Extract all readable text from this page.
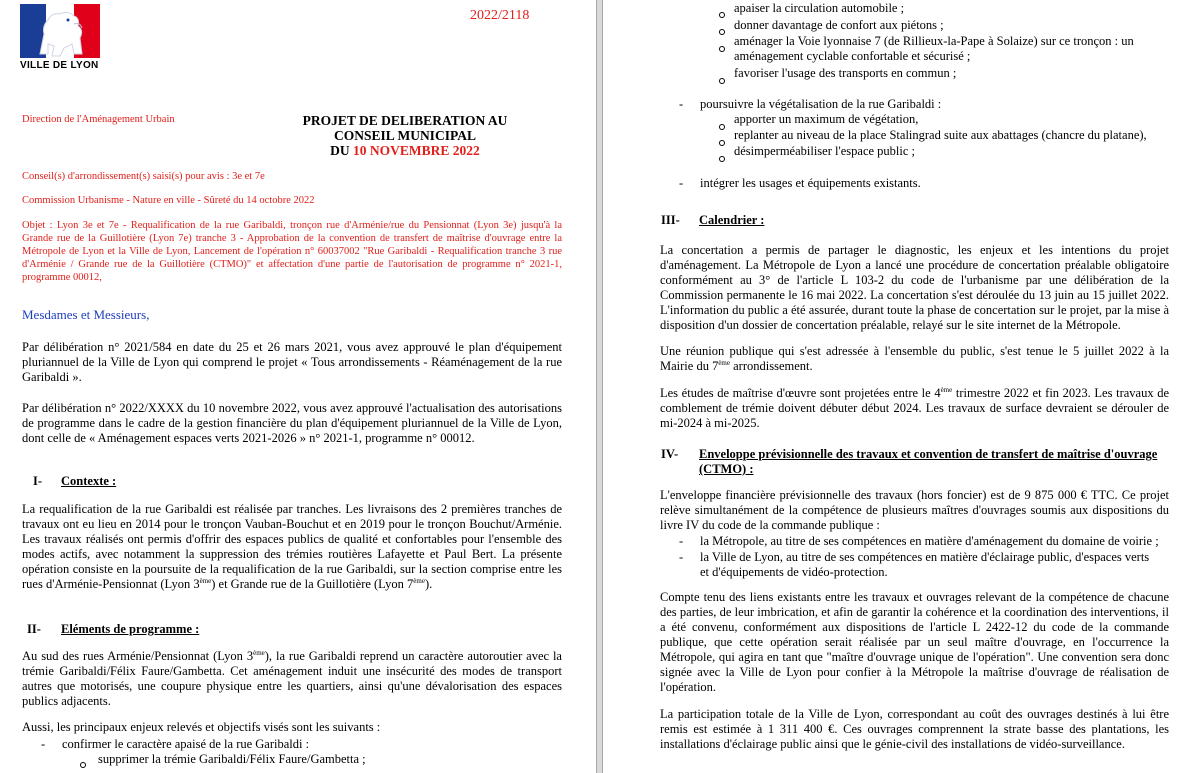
VILLE DE LYON
2022/2118
Direction de l'Aménagement Urbain	PROJET DE DELIBERATION AU
CONSEIL MUNICIPAL
DU 10 NOVEMBRE 2022
Conseil(s) d'arrondissement(s) saisi(s) pour avis : 3e et 7e
Commission Urbanisme - Nature en ville - Sûreté du 14 octobre 2022
Objet : Lyon 3e et 7e - Requalification de la rue Garibaldi, tronçon rue d'Arménie/rue du Pensionnat (Lyon 3e) jusqu'à la Grande rue de la Guillotière (Lyon 7e) tranche 3 - Approbation de la convention de transfert de maîtrise d'ouvrage entre la Métropole de Lyon et la Ville de Lyon, Lancement de l'opération n° 60037002 "Rue Garibaldi - Requalification tranche 3 rue d'Arménie / Grande rue de la Guillotière (CTMO)" et affectation d'une partie de l'autorisation de programme n° 2021-1, programme 00012,
Mesdames et Messieurs,
Par délibération n° 2021/584 en date du 25 et 26 mars 2021, vous avez approuvé le plan d'équipement pluriannuel de la Ville de Lyon qui comprend le projet « Tous arrondissements - Réaménagement de la rue Garibaldi ».
Par délibération n° 2022/XXXX du 10 novembre 2022, vous avez approuvé l'actualisation des autorisations de programme dans le cadre de la gestion financière du plan d'équipement pluriannuel de la Ville de Lyon, dont celle de « Aménagement espaces verts 2021-2026 » n° 2021-1, programme n° 00012.
I- Contexte :
La requalification de la rue Garibaldi est réalisée par tranches. Les livraisons des 2 premières tranches de travaux ont eu lieu en 2014 pour le tronçon Vauban-Bouchut et en 2019 pour le tronçon Bouchut/Arménie. Les travaux réalisés ont permis d'offrir des espaces publics de qualité et confortables pour l'ensemble des modes actifs, avec notamment la suppression des trémies routières Lafayette et Paul Bert. La présente opération consiste en la poursuite de la requalification de la rue Garibaldi, sur la section comprise entre les rues d'Arménie-Pensionnat (Lyon 3ème) et Grande rue de la Guillotière (Lyon 7ème).
II- Eléments de programme :
Au sud des rues Arménie/Pensionnat (Lyon 3ème), la rue Garibaldi reprend un caractère autoroutier avec la trémie Garibaldi/Félix Faure/Gambetta. Cet aménagement induit une insécurité des modes de transport autres que motorisés, une coupure physique entre les quartiers, ainsi qu'une dévalorisation des espaces publics adjacents.
Aussi, les principaux enjeux relevés et objectifs visés sont les suivants :
- confirmer le caractère apaisé de la rue Garibaldi :
supprimer la trémie Garibaldi/Félix Faure/Gambetta ;
apaiser la circulation automobile ;
donner davantage de confort aux piétons ;
aménager la Voie lyonnaise 7 (de Rillieux-la-Pape à Solaize) sur ce tronçon : un
aménagement cyclable confortable et sécurisé ;
favoriser l'usage des transports en commun ;
- poursuivre la végétalisation de la rue Garibaldi :
apporter un maximum de végétation,
replanter au niveau de la place Stalingrad suite aux abattages (chancre du platane),
désimperméabiliser l'espace public ;
- intégrer les usages et équipements existants.
III- Calendrier :
La concertation a permis de partager le diagnostic, les enjeux et les intentions du projet d'aménagement. La Métropole de Lyon a lancé une procédure de concertation préalable obligatoire conformément au 3° de l'article L 103-2 du code de l'urbanisme par une délibération de la Commission permanente le 16 mai 2022. La concertation s'est déroulée du 13 juin au 15 juillet 2022. L'information du public a été assurée, durant toute la phase de concertation sur le projet, par la mise à disposition d'un dossier de concertation préalable, relayé sur le site internet de la Métropole.
Une réunion publique qui s'est adressée à l'ensemble du public, s'est tenue le 5 juillet 2022 à la Mairie du 7ème arrondissement.
Les études de maîtrise d'œuvre sont projetées entre le 4ème trimestre 2022 et fin 2023. Les travaux de comblement de trémie doivent débuter début 2024. Les travaux de surface devraient se dérouler de mi-2024 à mi-2025.
IV- Enveloppe prévisionnelle des travaux et convention de transfert de maîtrise d'ouvrage
(CTMO) :
L'enveloppe financière prévisionnelle des travaux (hors foncier) est de 9 875 000 € TTC. Ce projet relève simultanément de la compétence de plusieurs maîtres d'ouvrages soumis aux dispositions du livre IV du code de la commande publique :
- la Métropole, au titre de ses compétences en matière d'aménagement du domaine de voirie ;
- la Ville de Lyon, au titre de ses compétences en matière d'éclairage public, d'espaces verts
et d'équipements de vidéo-protection.
Compte tenu des liens existants entre les travaux et ouvrages relevant de la compétence de chacune des parties, de leur imbrication, et afin de garantir la cohérence et la coordination des interventions, il a été convenu, conformément aux dispositions de l'article L 2422-12 du code de la commande publique, que cette opération serait réalisée par un seul maître d'ouvrage, en l'occurrence la Métropole, qui agira en tant que "maître d'ouvrage unique de l'opération". Une convention sera donc signée avec la Ville de Lyon pour confier à la Métropole la maîtrise d'ouvrage de réalisation de l'opération.
La participation totale de la Ville de Lyon, correspondant au coût des ouvrages destinés à lui être remis est estimée à 1 311 400 €. Ces ouvrages comprennent la strate basse des plantations, les installations d'éclairage public ainsi que le génie-civil des installations de vidéo-surveillance.
